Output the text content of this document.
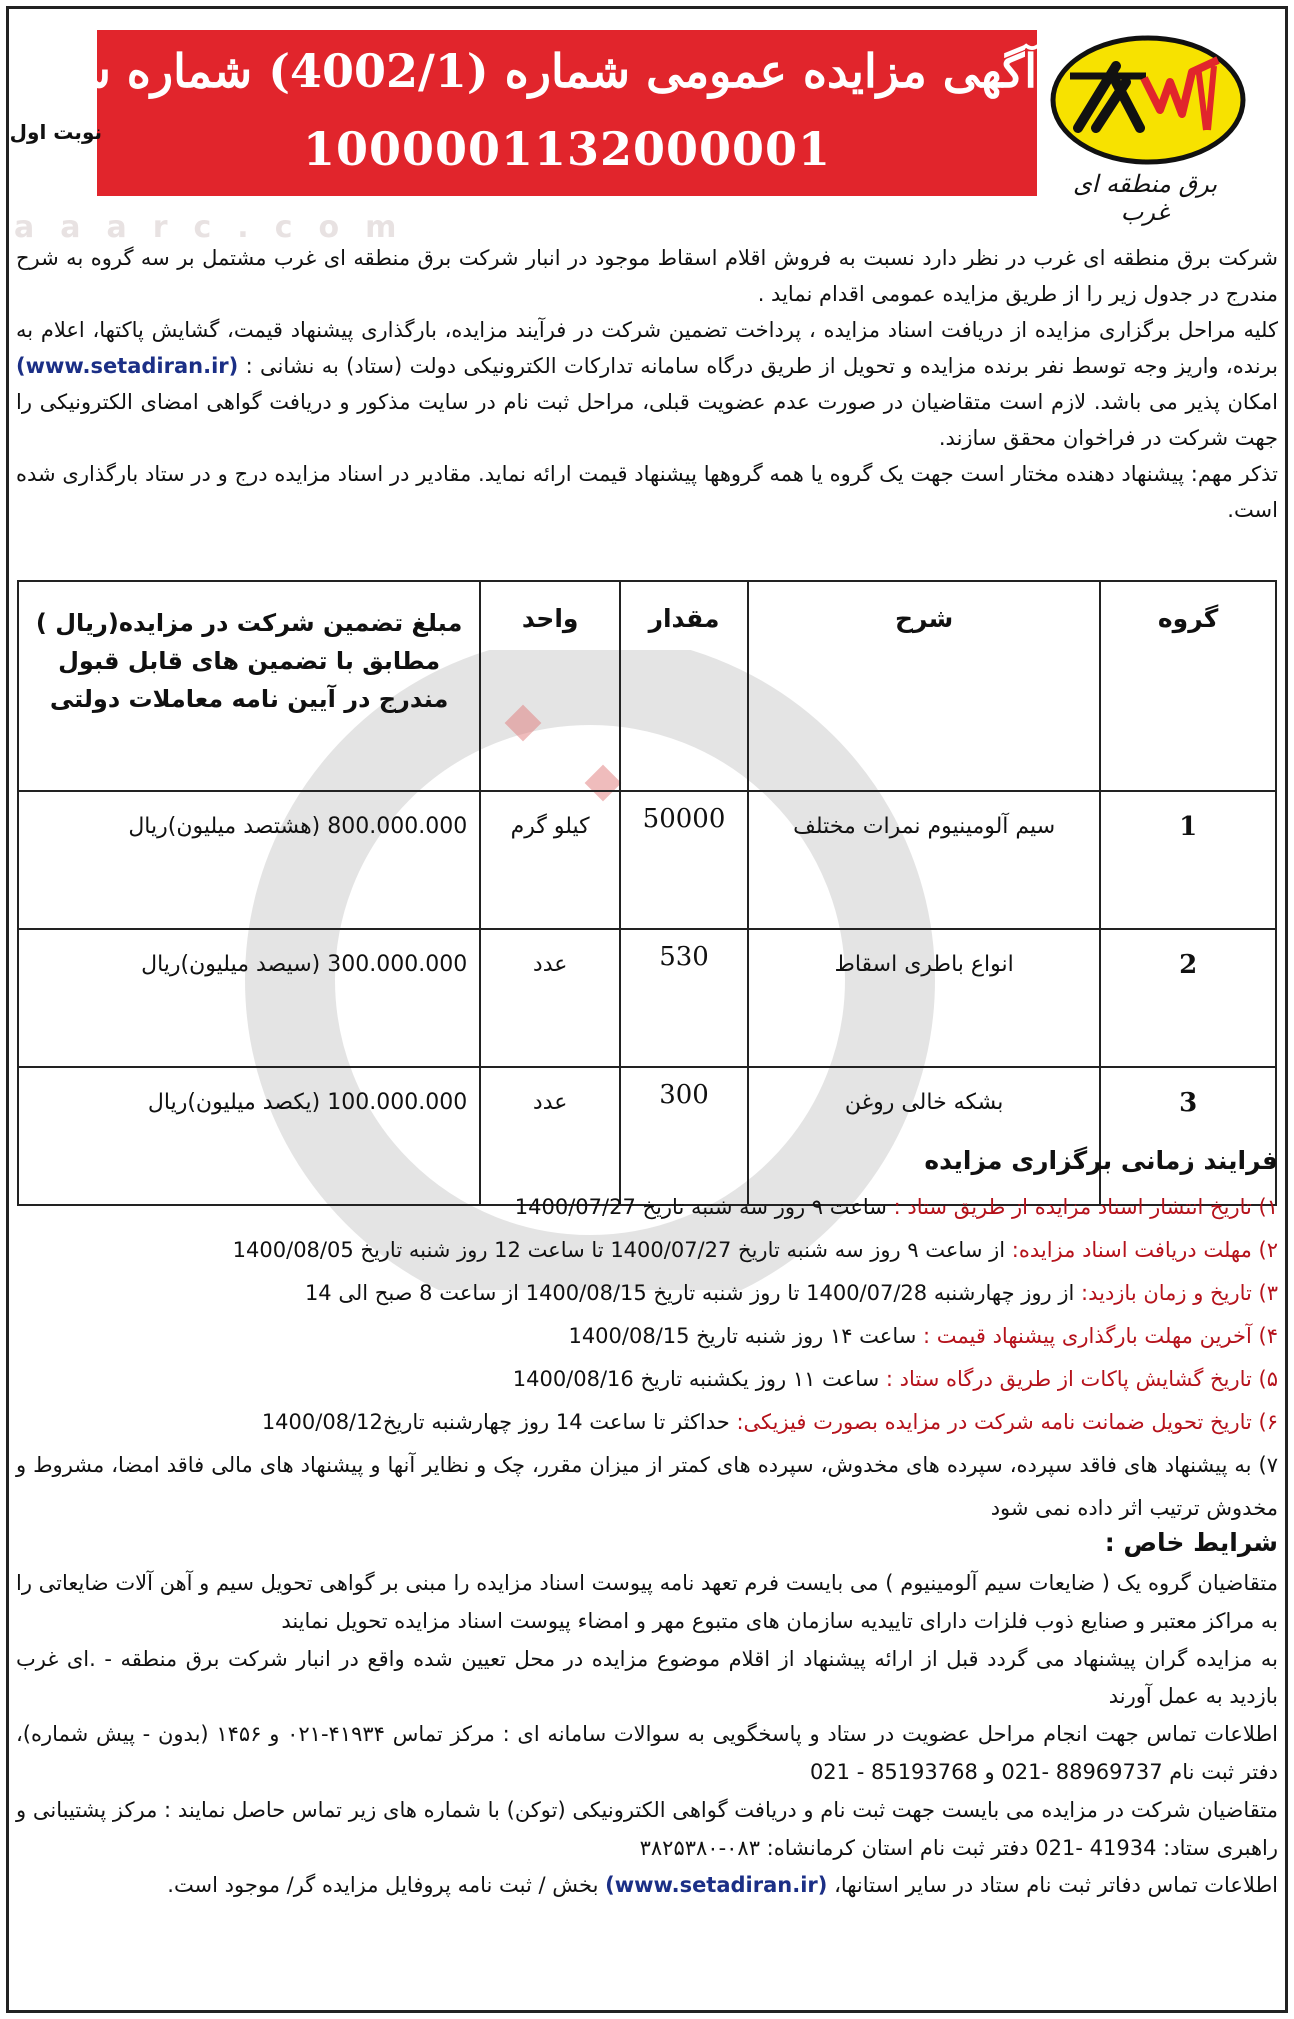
برق منطقه ای غرب
آگهی مزایده عمومی شماره (4002/1) شماره ستاد
1000001132000001
نوبت اول
aaarc.com

شرکت برق منطقه ای غرب در نظر دارد نسبت به فروش اقلام اسقاط موجود در انبار شرکت برق منطقه ای غرب مشتمل بر سه گروه به شرح مندرج در جدول زیر را از طریق مزایده عمومی اقدام نماید .

کلیه مراحل برگزاری مزایده از دریافت اسناد مزایده ، پرداخت تضمین شرکت در فرآیند مزایده، بارگذاری پیشنهاد قیمت، گشایش پاکتها، اعلام به برنده، واریز وجه توسط نفر برنده مزایده و تحویل از طریق درگاه سامانه تدارکات الکترونیکی دولت (ستاد) به نشانی : (www.setadiran.ir) امکان پذیر می باشد. لازم است متقاضیان در صورت عدم عضویت قبلی، مراحل ثبت نام در سایت مذکور و دریافت گواهی امضای الکترونیکی را جهت شرکت در فراخوان محقق سازند.

تذکر مهم: پیشنهاد دهنده مختار است جهت یک گروه یا همه گروهها پیشنهاد قیمت ارائه نماید. مقادیر در اسناد مزایده درج و در ستاد بارگذاری شده است.

گروه	شرح	مقدار	واحد	مبلغ تضمین شرکت در مزایده(ریال )
مطابق با تضمین های قابل قبول
مندرج در آیین نامه معاملات دولتی

1	سیم آلومینیوم نمرات مختلف	50000	کیلو گرم	800.000.000 (هشتصد میلیون)ریال
2	انواع باطری اسقاط	530	عدد	300.000.000 (سیصد میلیون)ریال
3	بشکه خالی روغن	300	عدد	100.000.000 (یکصد میلیون)ریال
فرایند زمانی برگزاری مزایده
۱) تاریخ انتشار اسناد مزایده از طریق ستاد : ساعت ۹ روز سه شنبه تاریخ 1400/07/27
۲) مهلت دریافت اسناد مزایده: از ساعت ۹ روز سه شنبه تاریخ 1400/07/27 تا ساعت 12 روز شنبه تاریخ 1400/08/05
۳) تاریخ و زمان بازدید: از روز چهارشنبه 1400/07/28 تا روز شنبه تاریخ 1400/08/15 از ساعت 8 صبح الی 14
۴) آخرین مهلت بارگذاری پیشنهاد قیمت : ساعت ۱۴ روز شنبه تاریخ 1400/08/15
۵) تاریخ گشایش پاکات از طریق درگاه ستاد : ساعت ۱۱ روز یکشنبه تاریخ 1400/08/16
۶) تاریخ تحویل ضمانت نامه شرکت در مزایده بصورت فیزیکی: حداکثر تا ساعت 14 روز چهارشنبه تاریخ1400/08/12
۷) به پیشنهاد های فاقد سپرده، سپرده های مخدوش، سپرده های کمتر از میزان مقرر، چک و نظایر آنها و پیشنهاد های مالی فاقد امضا، مشروط و مخدوش ترتیب اثر داده نمی شود
شرایط خاص :

متقاضیان گروه یک ( ضایعات سیم آلومینیوم ) می بایست فرم تعهد نامه پیوست اسناد مزایده را مبنی بر گواهی تحویل سیم و آهن آلات ضایعاتی را به مراکز معتبر و صنایع ذوب فلزات دارای تاییدیه سازمان های متبوع مهر و امضاء پیوست اسناد مزایده تحویل نمایند

به مزایده گران پیشنهاد می گردد قبل از ارائه پیشنهاد از اقلام موضوع مزایده در محل تعیین شده واقع در انبار شرکت برق منطقه - .ای غرب بازدید به عمل آورند

اطلاعات تماس جهت انجام مراحل عضویت در ستاد و پاسخگویی به سوالات سامانه ای : مرکز تماس ۴۱۹۳۴-۰۲۱ و ۱۴۵۶ (بدون - پیش شماره)، دفتر ثبت نام 88969737 -021 و 85193768 - 021

متقاضیان شرکت در مزایده می بایست جهت ثبت نام و دریافت گواهی الکترونیکی (توکن) با شماره های زیر تماس حاصل نمایند : مرکز پشتیبانی و راهبری ستاد: 41934 -021 دفتر ثبت نام استان کرمانشاه: ۰۸۳-۳۸۲۵۳۸۰

اطلاعات تماس دفاتر ثبت نام ستاد در سایر استانها، (www.setadiran.ir) بخش / ثبت نامه پروفایل مزایده گر/ موجود است.
